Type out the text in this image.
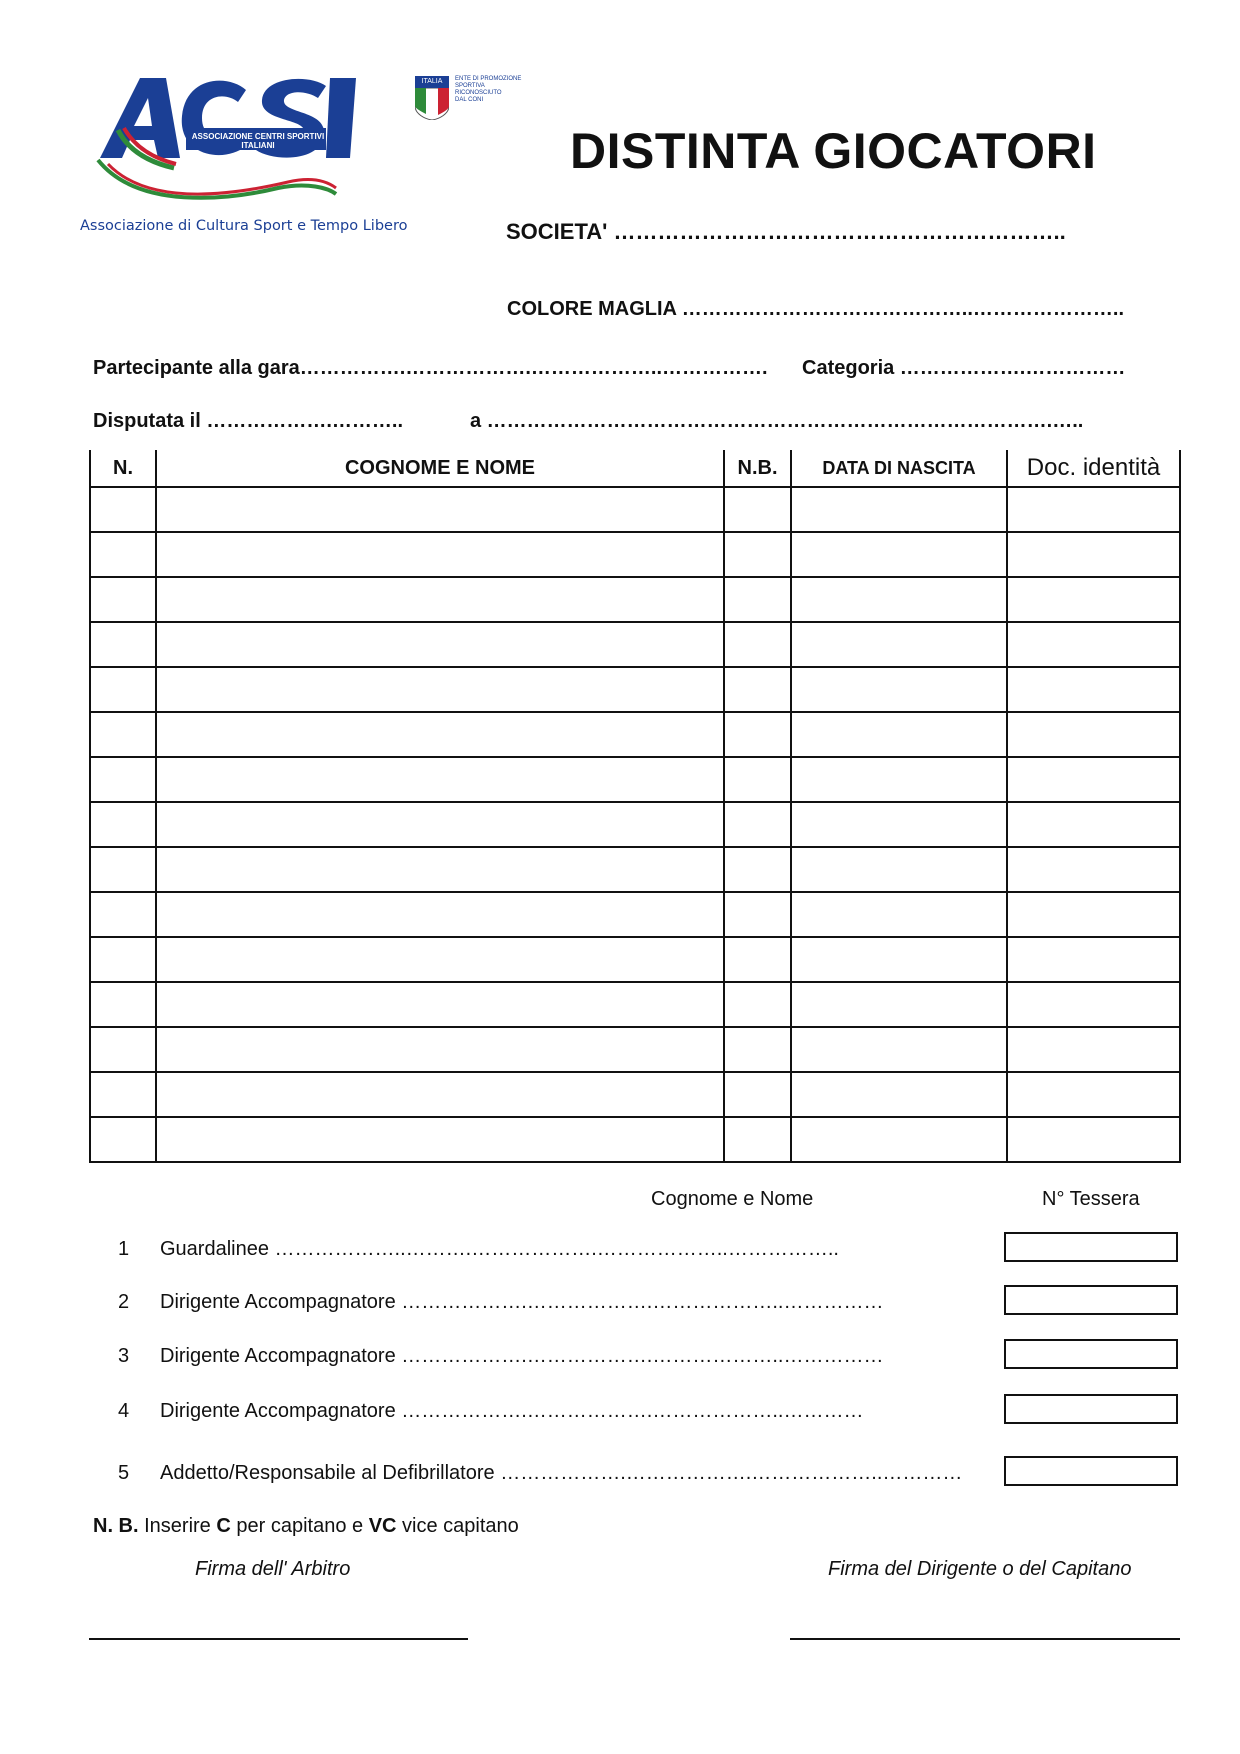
ASSOCIAZIONE CENTRI SPORTIVI ITALIANI
Associazione di Cultura Sport e Tempo Libero
ITALIA	ENTE DI PROMOZIONE
SPORTIVA
RICONOSCIUTO
DAL CONI
DISTINTA GIOCATORI
SOCIETA' ……………………………………………………..
COLORE MAGLIA ……………………………………..…………………..
Partecipante alla gara…………….……………….………………..……………. Categoria ……………….……………
Disputata il ……………….………..	a ………………………………………………………………………….…..
N.	COGNOME E NOME	N.B.	DATA DI NASCITA	Doc. identità

Cognome e Nome	N° Tessera
1 Guardalinee ………………..……….……………….………………..……………..
2 Dirigente Accompagnatore ……………….……………….………………..……………
3 Dirigente Accompagnatore ……………….……………….………………..……………
4 Dirigente Accompagnatore ……………….……………….………………..…………
5 Addetto/Responsabile al Defibrillatore ……………….……………….………………..…………
N. B. Inserire C per capitano e VC vice capitano
Firma dell' Arbitro	Firma del Dirigente o del Capitano
